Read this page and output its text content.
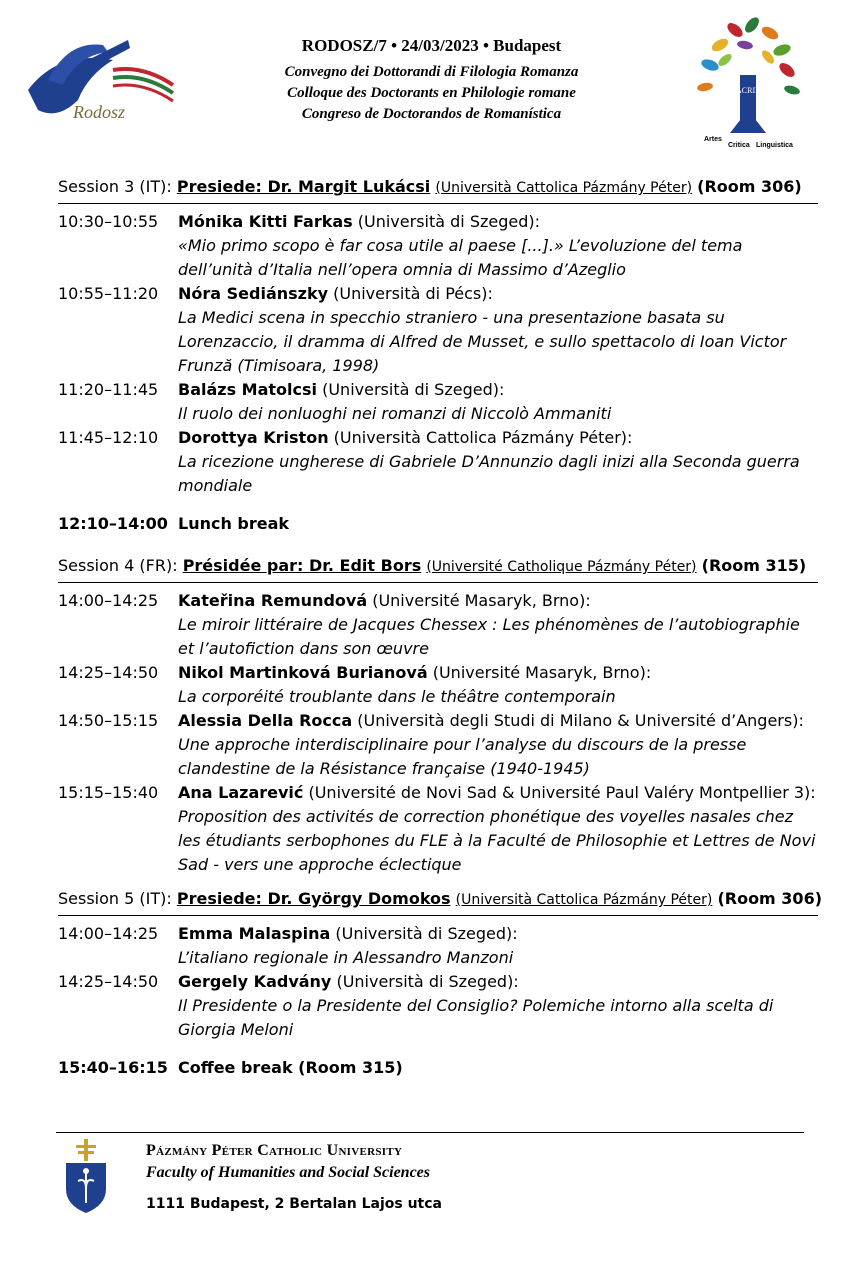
Rodosz
RODOSZ/7 • 24/03/2023 • Budapest
Convegno dei Dottorandi di Filologia Romanza
Colloque des Doctorants en Philologie romane
Congreso de Doctorandos de Romanística
ACRIL
Artes
Critica Linguistica
Session 3 (IT): Presiede: Dr. Margit Lukácsi (Università Cattolica Pázmány Péter) (Room 306)
10:30–10:55	Mónika Kitti Farkas (Università di Szeged):
«Mio primo scopo è far cosa utile al paese [...].» L’evoluzione del tema dell’unità d’Italia nell’opera omnia di Massimo d’Azeglio
10:55–11:20	Nóra Sediánszky (Università di Pécs):
La Medici scena in specchio straniero - una presentazione basata su Lorenzaccio, il dramma di Alfred de Musset, e sullo spettacolo di Ioan Victor Frunză (Timisoara, 1998)
11:20–11:45	Balázs Matolcsi (Università di Szeged):
Il ruolo dei nonluoghi nei romanzi di Niccolò Ammaniti
11:45–12:10	Dorottya Kriston (Università Cattolica Pázmány Péter):
La ricezione ungherese di Gabriele D’Annunzio dagli inizi alla Seconda guerra mondiale
12:10–14:00 Lunch break
Session 4 (FR): Présidée par: Dr. Edit Bors (Université Catholique Pázmány Péter) (Room 315)
14:00–14:25	Kateřina Remundová (Université Masaryk, Brno):
Le miroir littéraire de Jacques Chessex : Les phénomènes de l’autobiographie et l’autofiction dans son œuvre
14:25–14:50	Nikol Martinková Burianová (Université Masaryk, Brno):
La corporéité troublante dans le théâtre contemporain
14:50–15:15	Alessia Della Rocca (Università degli Studi di Milano & Université d’Angers):
Une approche interdisciplinaire pour l’analyse du discours de la presse clandestine de la Résistance française (1940-1945)
15:15–15:40	Ana Lazarević (Université de Novi Sad & Université Paul Valéry Montpellier 3):
Proposition des activités de correction phonétique des voyelles nasales chez les étudiants serbophones du FLE à la Faculté de Philosophie et Lettres de Novi Sad - vers une approche éclectique
Session 5 (IT): Presiede: Dr. György Domokos (Università Cattolica Pázmány Péter) (Room 306)
14:00–14:25	Emma Malaspina (Università di Szeged):
L’italiano regionale in Alessandro Manzoni
14:25–14:50	Gergely Kadvány (Università di Szeged):
Il Presidente o la Presidente del Consiglio? Polemiche intorno alla scelta di Giorgia Meloni
15:40–16:15 Coffee break (Room 315)
Pázmány Péter Catholic University
Faculty of Humanities and Social Sciences
1111 Budapest, 2 Bertalan Lajos utca
